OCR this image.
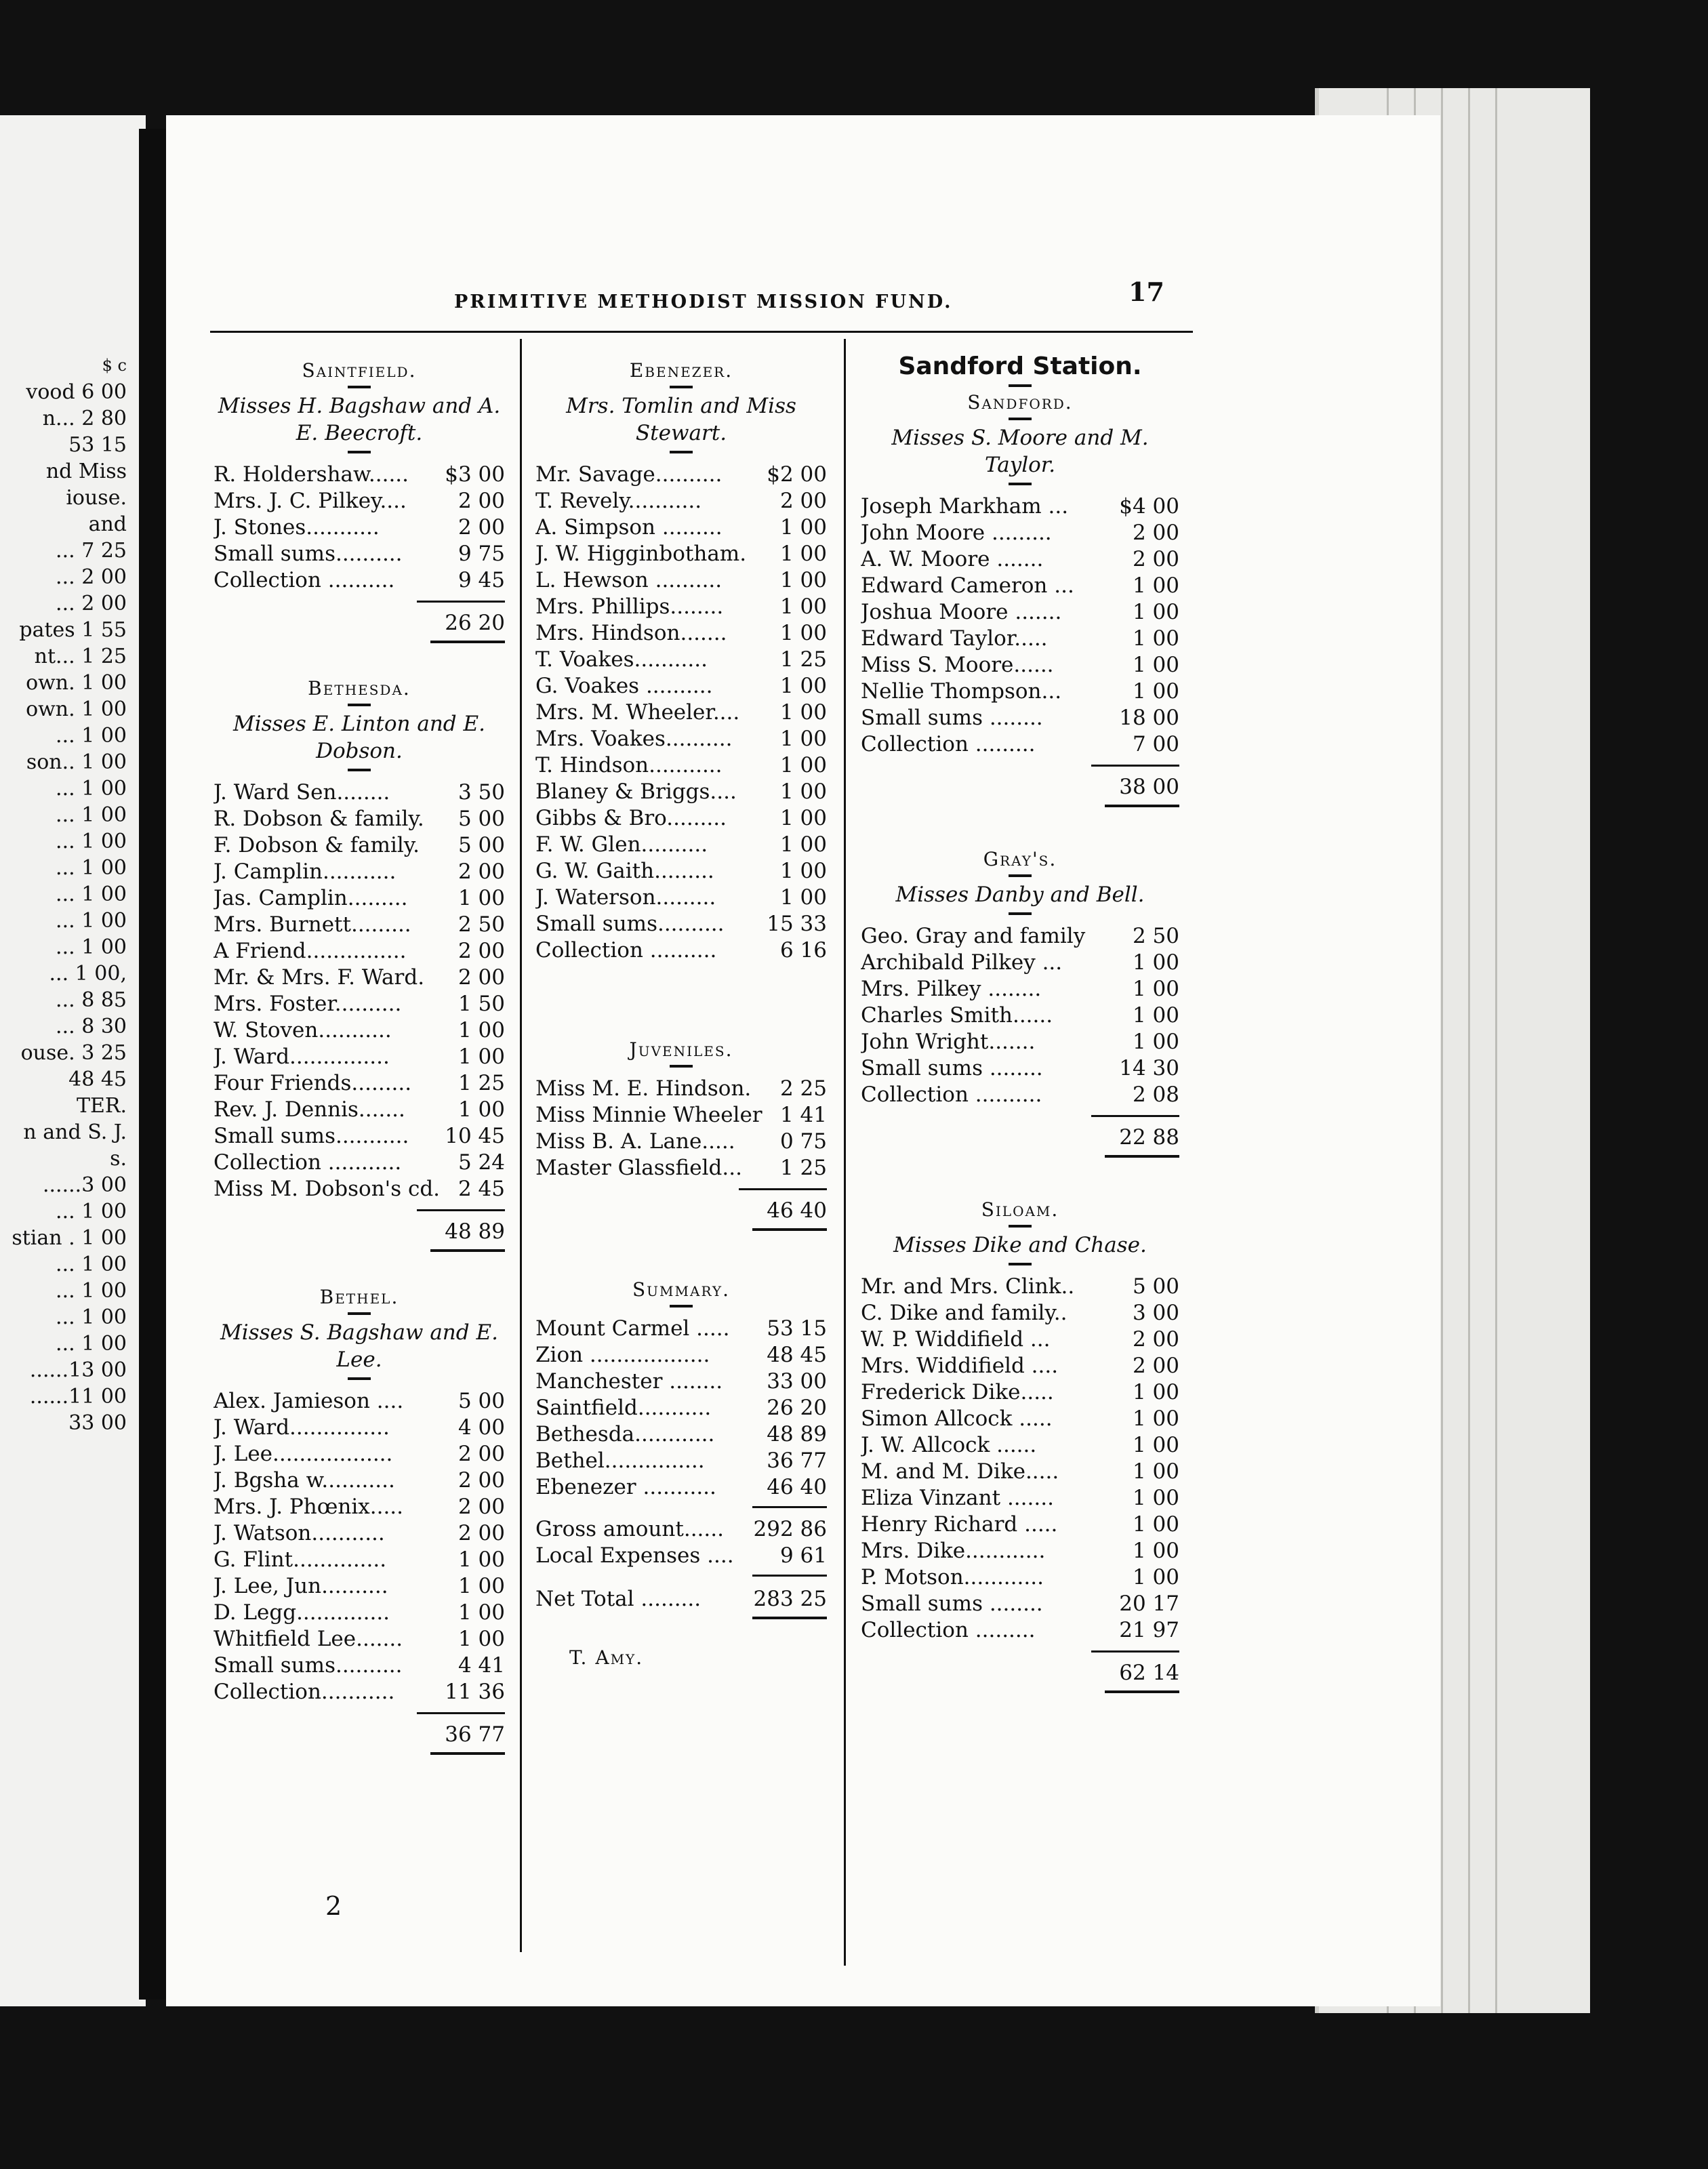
$ c
vood 6 00
n... 2 80
53 15
nd Miss
iouse.
and
... 7 25
... 2 00
... 2 00
pates 1 55
nt... 1 25
own. 1 00
own. 1 00
... 1 00
son.. 1 00
... 1 00
... 1 00
... 1 00
... 1 00
... 1 00
... 1 00
... 1 00
... 1 00,
... 8 85
... 8 30
ouse. 3 25
48 45
TER.
n and S. J.
s.
......3 00
... 1 00
stian . 1 00
... 1 00
... 1 00
... 1 00
... 1 00
......13 00
......11 00
33 00
PRIMITIVE METHODIST MISSION FUND.	17
Saintfield.
Misses H. Bagshaw and A. E. Beecroft.
R. Holdershaw......	$3 00
Mrs. J. C. Pilkey....	2 00
J. Stones...........	2 00
Small sums..........	9 75
Collection ..........	9 45
26 20
Bethesda.
Misses E. Linton and E. Dobson.
J. Ward Sen........	3 50
R. Dobson & family.	5 00
F. Dobson & family.	5 00
J. Camplin...........	2 00
Jas. Camplin.........	1 00
Mrs. Burnett.........	2 50
A Friend...............	2 00
Mr. & Mrs. F. Ward.	2 00
Mrs. Foster..........	1 50
W. Stoven...........	1 00
J. Ward...............	1 00
Four Friends.........	1 25
Rev. J. Dennis.......	1 00
Small sums...........	10 45
Collection ...........	5 24
Miss M. Dobson's cd. 2 45
48 89
Bethel.
Misses S. Bagshaw and E. Lee.
Alex. Jamieson ....	5 00
J. Ward...............	4 00
J. Lee..................	2 00
J. Bgsha w...........	2 00
Mrs. J. Phœnix.....	2 00
J. Watson...........	2 00
G. Flint..............	1 00
J. Lee, Jun..........	1 00
D. Legg..............	1 00
Whitfield Lee.......	1 00
Small sums..........	4 41
Collection...........	11 36
36 77
Ebenezer.
Mrs. Tomlin and Miss Stewart.
Mr. Savage..........	$2 00
T. Revely...........	2 00
A. Simpson .........	1 00
J. W. Higginbotham.	1 00
L. Hewson ..........	1 00
Mrs. Phillips........	1 00
Mrs. Hindson.......	1 00
T. Voakes...........	1 25
G. Voakes ..........	1 00
Mrs. M. Wheeler....	1 00
Mrs. Voakes..........	1 00
T. Hindson...........	1 00
Blaney & Briggs....	1 00
Gibbs & Bro.........	1 00
F. W. Glen..........	1 00
G. W. Gaith.........	1 00
J. Waterson.........	1 00
Small sums..........	15 33
Collection ..........	6 16
Juveniles.
Miss M. E. Hindson.	2 25
Miss Minnie Wheeler 1 41
Miss B. A. Lane.....	0 75
Master Glassfield...	1 25
46 40
Summary.
Mount Carmel .....	53 15
Zion ..................	48 45
Manchester ........	33 00
Saintfield...........	26 20
Bethesda............	48 89
Bethel...............	36 77
Ebenezer ...........	46 40
Gross amount......	292 86
Local Expenses ....	9 61
Net Total .........	283 25
T. Amy.
Sandford Station.
Sandford.
Misses S. Moore and M. Taylor.
Joseph Markham ...	$4 00
John Moore .........	2 00
A. W. Moore .......	2 00
Edward Cameron ...	1 00
Joshua Moore .......	1 00
Edward Taylor.....	1 00
Miss S. Moore......	1 00
Nellie Thompson...	1 00
Small sums ........	18 00
Collection .........	7 00
38 00
Gray's.
Misses Danby and Bell.
Geo. Gray and family	2 50
Archibald Pilkey ...	1 00
Mrs. Pilkey ........	1 00
Charles Smith......	1 00
John Wright.......	1 00
Small sums ........	14 30
Collection ..........	2 08
22 88
Siloam.
Misses Dike and Chase.
Mr. and Mrs. Clink..	5 00
C. Dike and family..	3 00
W. P. Widdifield ...	2 00
Mrs. Widdifield ....	2 00
Frederick Dike.....	1 00
Simon Allcock .....	1 00
J. W. Allcock ......	1 00
M. and M. Dike.....	1 00
Eliza Vinzant .......	1 00
Henry Richard .....	1 00
Mrs. Dike............	1 00
P. Motson............	1 00
Small sums ........	20 17
Collection .........	21 97
62 14
2
